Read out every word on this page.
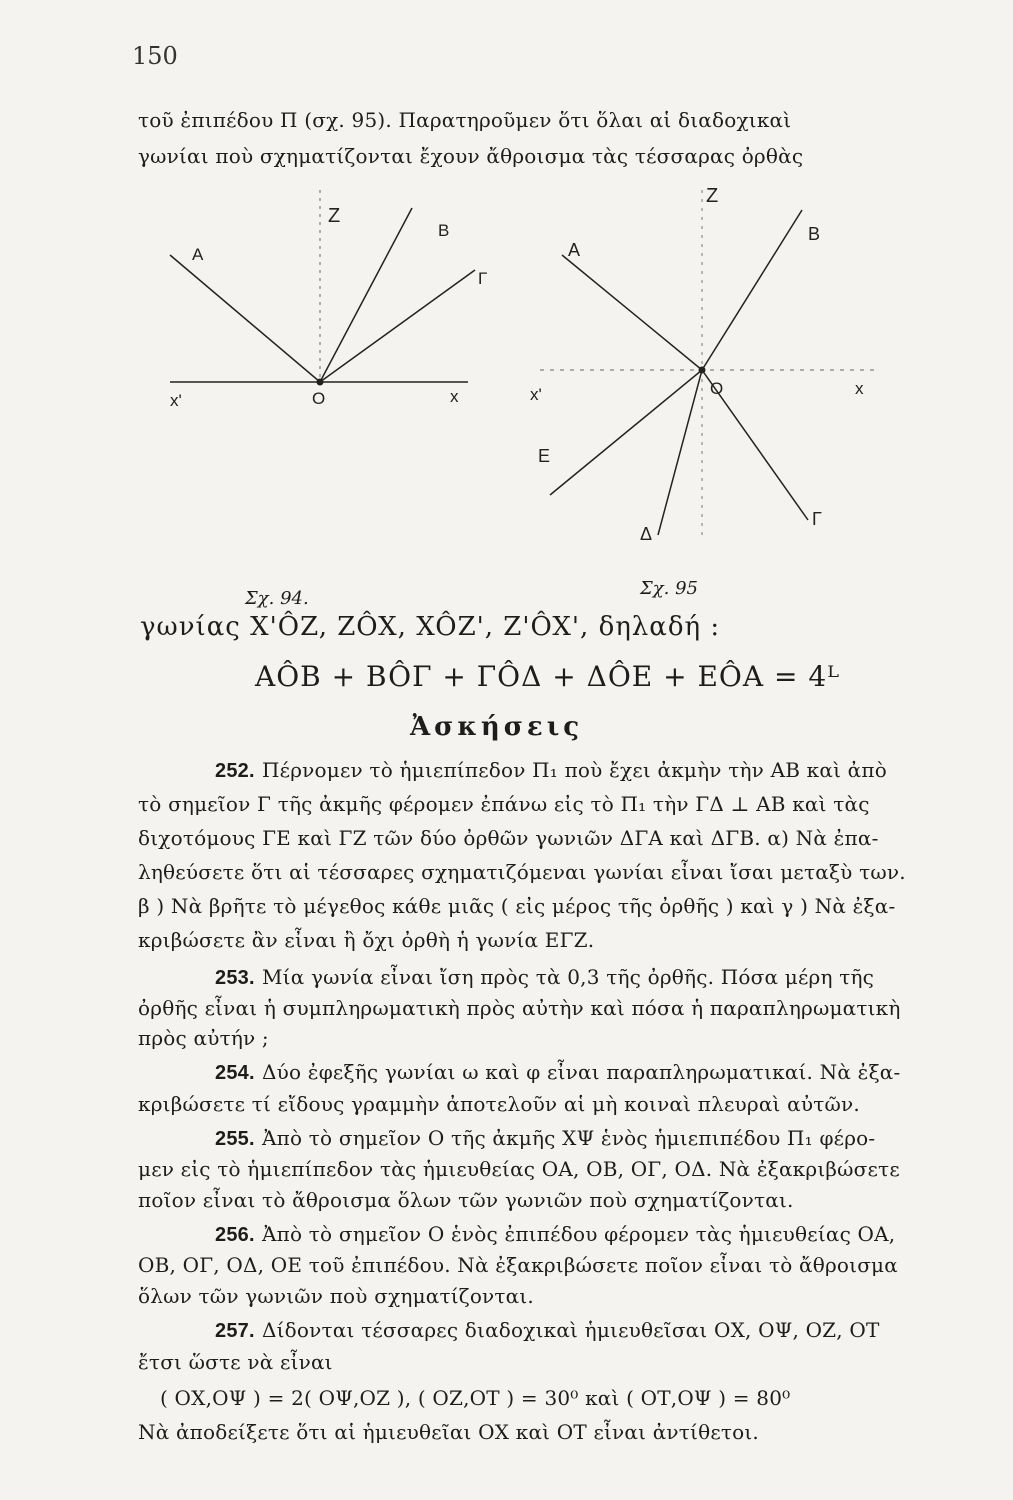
150
τοῦ ἐπιπέδου Π (σχ. 95). Παρατηροῦμεν ὅτι ὅλαι αἱ διαδοχικαὶ
γωνίαι ποὺ σχηματίζονται ἔχουν ἄθροισμα τὰς τέσσαρας ὀρθὰς
Α
Z
B
Γ
x'	O	x
Σχ. 94.
Z
Α
B
x'	O	x
E
Δ
Γ
Σχ. 95
γωνίας X'ÔZ, ZÔX, XÔZ', Z'ÔX', δηλαδή :
AÔB + BÔΓ + ΓÔΔ + ΔÔE + EÔA = 4ᴸ
Ἀσκήσεις
252. Πέρνομεν τὸ ἡμιεπίπεδον Π₁ ποὺ ἔχει ἀκμὴν τὴν ΑΒ καὶ ἀπὸ
τὸ σημεῖον Γ τῆς ἀκμῆς φέρομεν ἐπάνω εἰς τὸ Π₁ τὴν ΓΔ ⊥ ΑΒ καὶ τὰς
διχοτόμους ΓΕ καὶ ΓΖ τῶν δύο ὀρθῶν γωνιῶν ΔΓΑ καὶ ΔΓΒ. α) Νὰ ἐπα-
ληθεύσετε ὅτι αἱ τέσσαρες σχηματιζόμεναι γωνίαι εἶναι ἴσαι μεταξὺ των.
β ) Νὰ βρῆτε τὸ μέγεθος κάθε μιᾶς ( εἰς μέρος τῆς ὀρθῆς ) καὶ γ ) Νὰ ἐξα-
κριβώσετε ἂν εἶναι ἢ ὄχι ὀρθὴ ἡ γωνία ΕΓΖ.
253. Μία γωνία εἶναι ἴση πρὸς τὰ 0,3 τῆς ὀρθῆς. Πόσα μέρη τῆς
ὀρθῆς εἶναι ἡ συμπληρωματικὴ πρὸς αὐτὴν καὶ πόσα ἡ παραπληρωματικὴ
πρὸς αὐτήν ;
254. Δύο ἐφεξῆς γωνίαι ω καὶ φ εἶναι παραπληρωματικαί. Νὰ ἐξα-
κριβώσετε τί εἴδους γραμμὴν ἀποτελοῦν αἱ μὴ κοιναὶ πλευραὶ αὐτῶν.
255. Ἀπὸ τὸ σημεῖον Ο τῆς ἀκμῆς ΧΨ ἑνὸς ἡμιεπιπέδου Π₁ φέρο-
μεν εἰς τὸ ἡμιεπίπεδον τὰς ἡμιευθείας ΟΑ, ΟΒ, ΟΓ, ΟΔ. Νὰ ἐξακριβώσετε
ποῖον εἶναι τὸ ἄθροισμα ὅλων τῶν γωνιῶν ποὺ σχηματίζονται.
256. Ἀπὸ τὸ σημεῖον Ο ἑνὸς ἐπιπέδου φέρομεν τὰς ἡμιευθείας ΟΑ,
ΟΒ, ΟΓ, ΟΔ, ΟΕ τοῦ ἐπιπέδου. Νὰ ἐξακριβώσετε ποῖον εἶναι τὸ ἄθροισμα
ὅλων τῶν γωνιῶν ποὺ σχηματίζονται.
257. Δίδονται τέσσαρες διαδοχικαὶ ἡμιευθεῖσαι ΟΧ, ΟΨ, ΟΖ, ΟΤ
ἔτσι ὥστε νὰ εἶναι
( ΟΧ,ΟΨ ) = 2( ΟΨ,ΟΖ ), ( ΟΖ,ΟΤ ) = 30⁰ καὶ ( ΟΤ,ΟΨ ) = 80⁰
Νὰ ἀποδείξετε ὅτι αἱ ἡμιευθεῖαι ΟΧ καὶ ΟΤ εἶναι ἀντίθετοι.
